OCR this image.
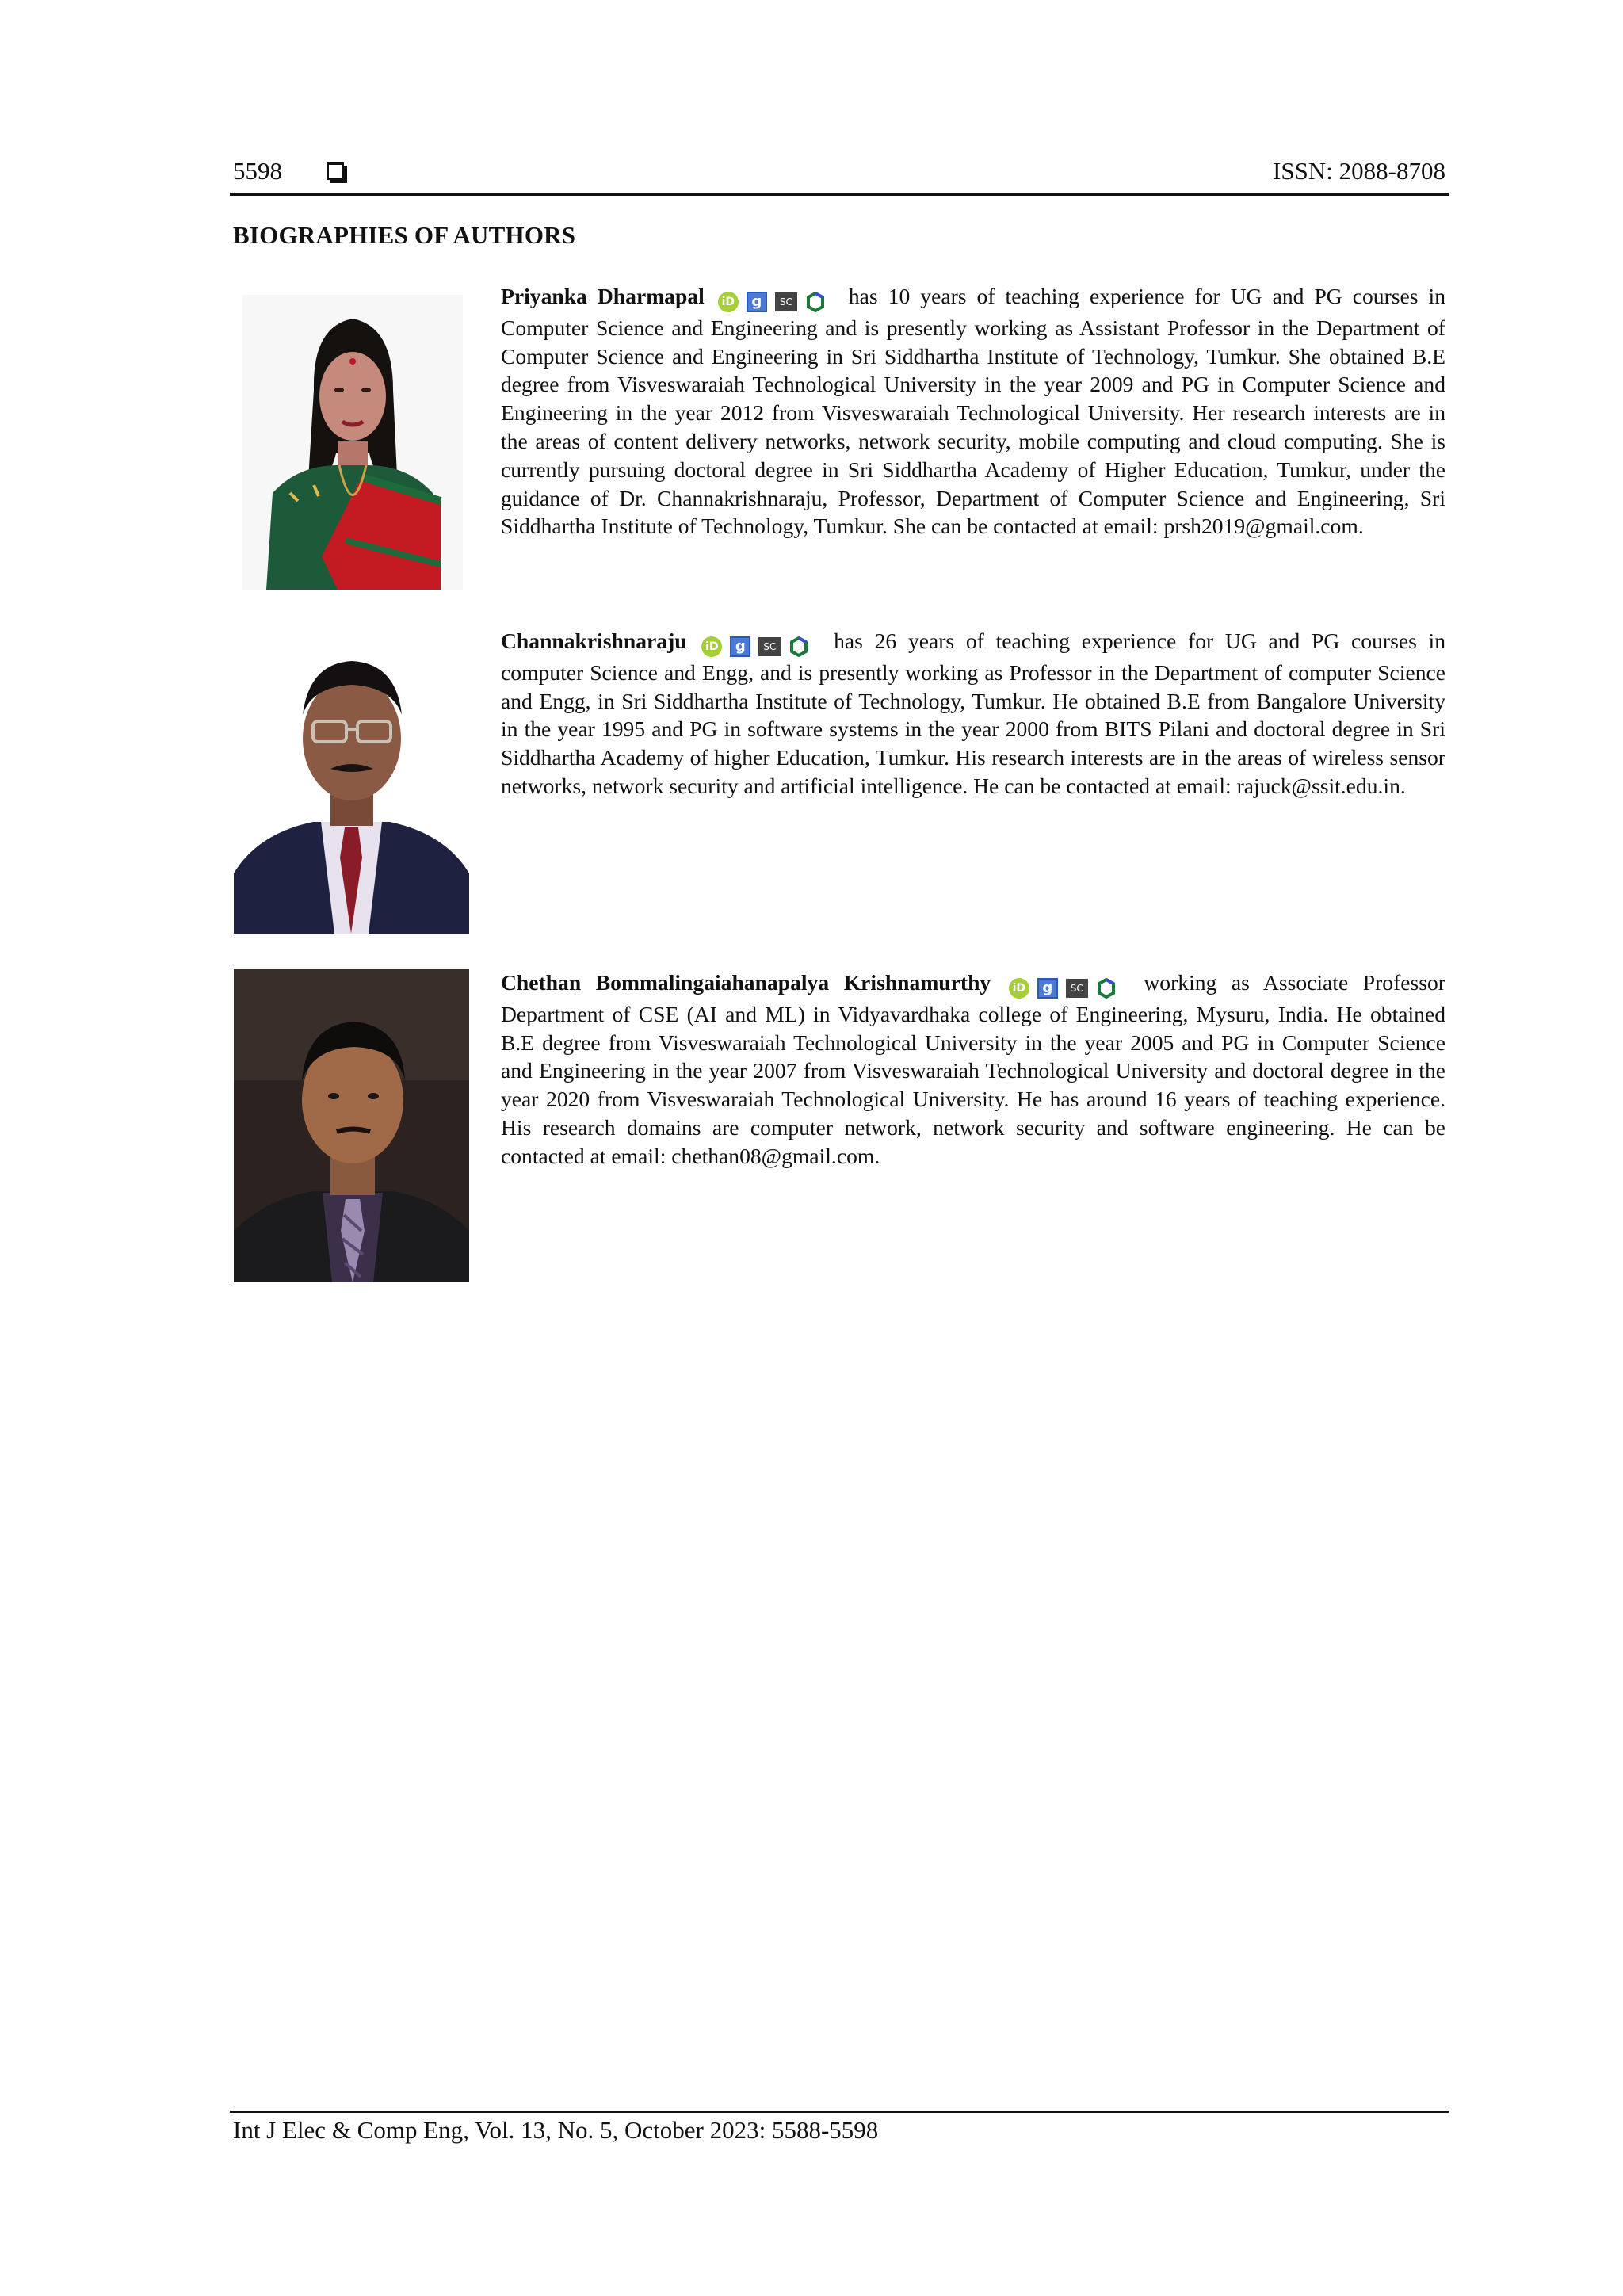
5598	ISSN: 2088-8708
BIOGRAPHIES OF AUTHORS
Priyanka Dharmapal iD g SC	has 10 years of teaching experience for UG and PG courses in Computer Science and Engineering and is presently working as Assistant Professor in the Department of Computer Science and Engineering in Sri Siddhartha Institute of Technology, Tumkur. She obtained B.E degree from Visveswaraiah Technological University in the year 2009 and PG in Computer Science and Engineering in the year 2012 from Visveswaraiah Technological University. Her research interests are in the areas of content delivery networks, network security, mobile computing and cloud computing. She is currently pursuing doctoral degree in Sri Siddhartha Academy of Higher Education, Tumkur, under the guidance of Dr. Channakrishnaraju, Professor, Department of Computer Science and Engineering, Sri Siddhartha Institute of Technology, Tumkur. She can be contacted at email: prsh2019@gmail.com.
Channakrishnaraju iD g SC	has 26 years of teaching experience for UG and PG courses in computer Science and Engg, and is presently working as Professor in the Department of computer Science and Engg, in Sri Siddhartha Institute of Technology, Tumkur. He obtained B.E from Bangalore University in the year 1995 and PG in software systems in the year 2000 from BITS Pilani and doctoral degree in Sri Siddhartha Academy of higher Education, Tumkur. His research interests are in the areas of wireless sensor networks, network security and artificial intelligence. He can be contacted at email: rajuck@ssit.edu.in.
Chethan Bommalingaiahanapalya Krishnamurthy iD g SC	working as Associate Professor Department of CSE (AI and ML) in Vidyavardhaka college of Engineering, Mysuru, India. He obtained B.E degree from Visveswaraiah Technological University in the year 2005 and PG in Computer Science and Engineering in the year 2007 from Visveswaraiah Technological University and doctoral degree in the year 2020 from Visveswaraiah Technological University. He has around 16 years of teaching experience. His research domains are computer network, network security and software engineering. He can be contacted at email: chethan08@gmail.com.
Int J Elec & Comp Eng, Vol. 13, No. 5, October 2023: 5588-5598
